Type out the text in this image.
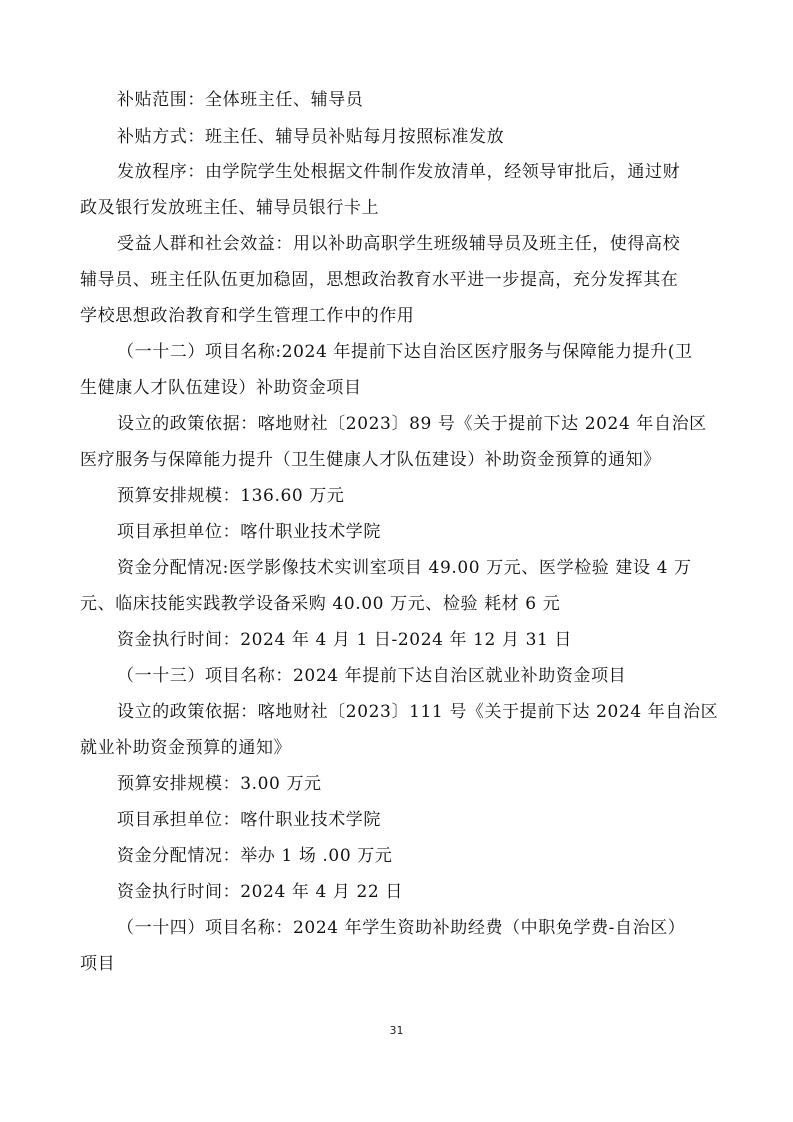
补贴范围：全体班主任、辅导员
补贴方式：班主任、辅导员补贴每月按照标准发放
发放程序：由学院学生处根据文件制作发放清单，经领导审批后，通过财
政及银行发放班主任、辅导员银行卡上
受益人群和社会效益：用以补助高职学生班级辅导员及班主任，使得高校
辅导员、班主任队伍更加稳固，思想政治教育水平进一步提高，充分发挥其在
学校思想政治教育和学生管理工作中的作用
（一十二）项目名称:2024 年提前下达自治区医疗服务与保障能力提升(卫
生健康人才队伍建设）补助资金项目
设立的政策依据：喀地财社〔2023〕89 号《关于提前下达 2024 年自治区
医疗服务与保障能力提升（卫生健康人才队伍建设）补助资金预算的通知》
预算安排规模：136.60 万元
项目承担单位：喀什职业技术学院
资金分配情况:医学影像技术实训室项目 49.00 万元、医学检验 建设 4 万
元、临床技能实践教学设备采购 40.00 万元、检验 耗材 6 元
资金执行时间：2024 年 4 月 1 日-2024 年 12 月 31 日
（一十三）项目名称：2024 年提前下达自治区就业补助资金项目
设立的政策依据：喀地财社〔2023〕111 号《关于提前下达 2024 年自治区
就业补助资金预算的通知》
预算安排规模：3.00 万元
项目承担单位：喀什职业技术学院
资金分配情况：举办 1 场 .00 万元
资金执行时间：2024 年 4 月 22 日
（一十四）项目名称：2024 年学生资助补助经费（中职免学费-自治区）
项目
31
